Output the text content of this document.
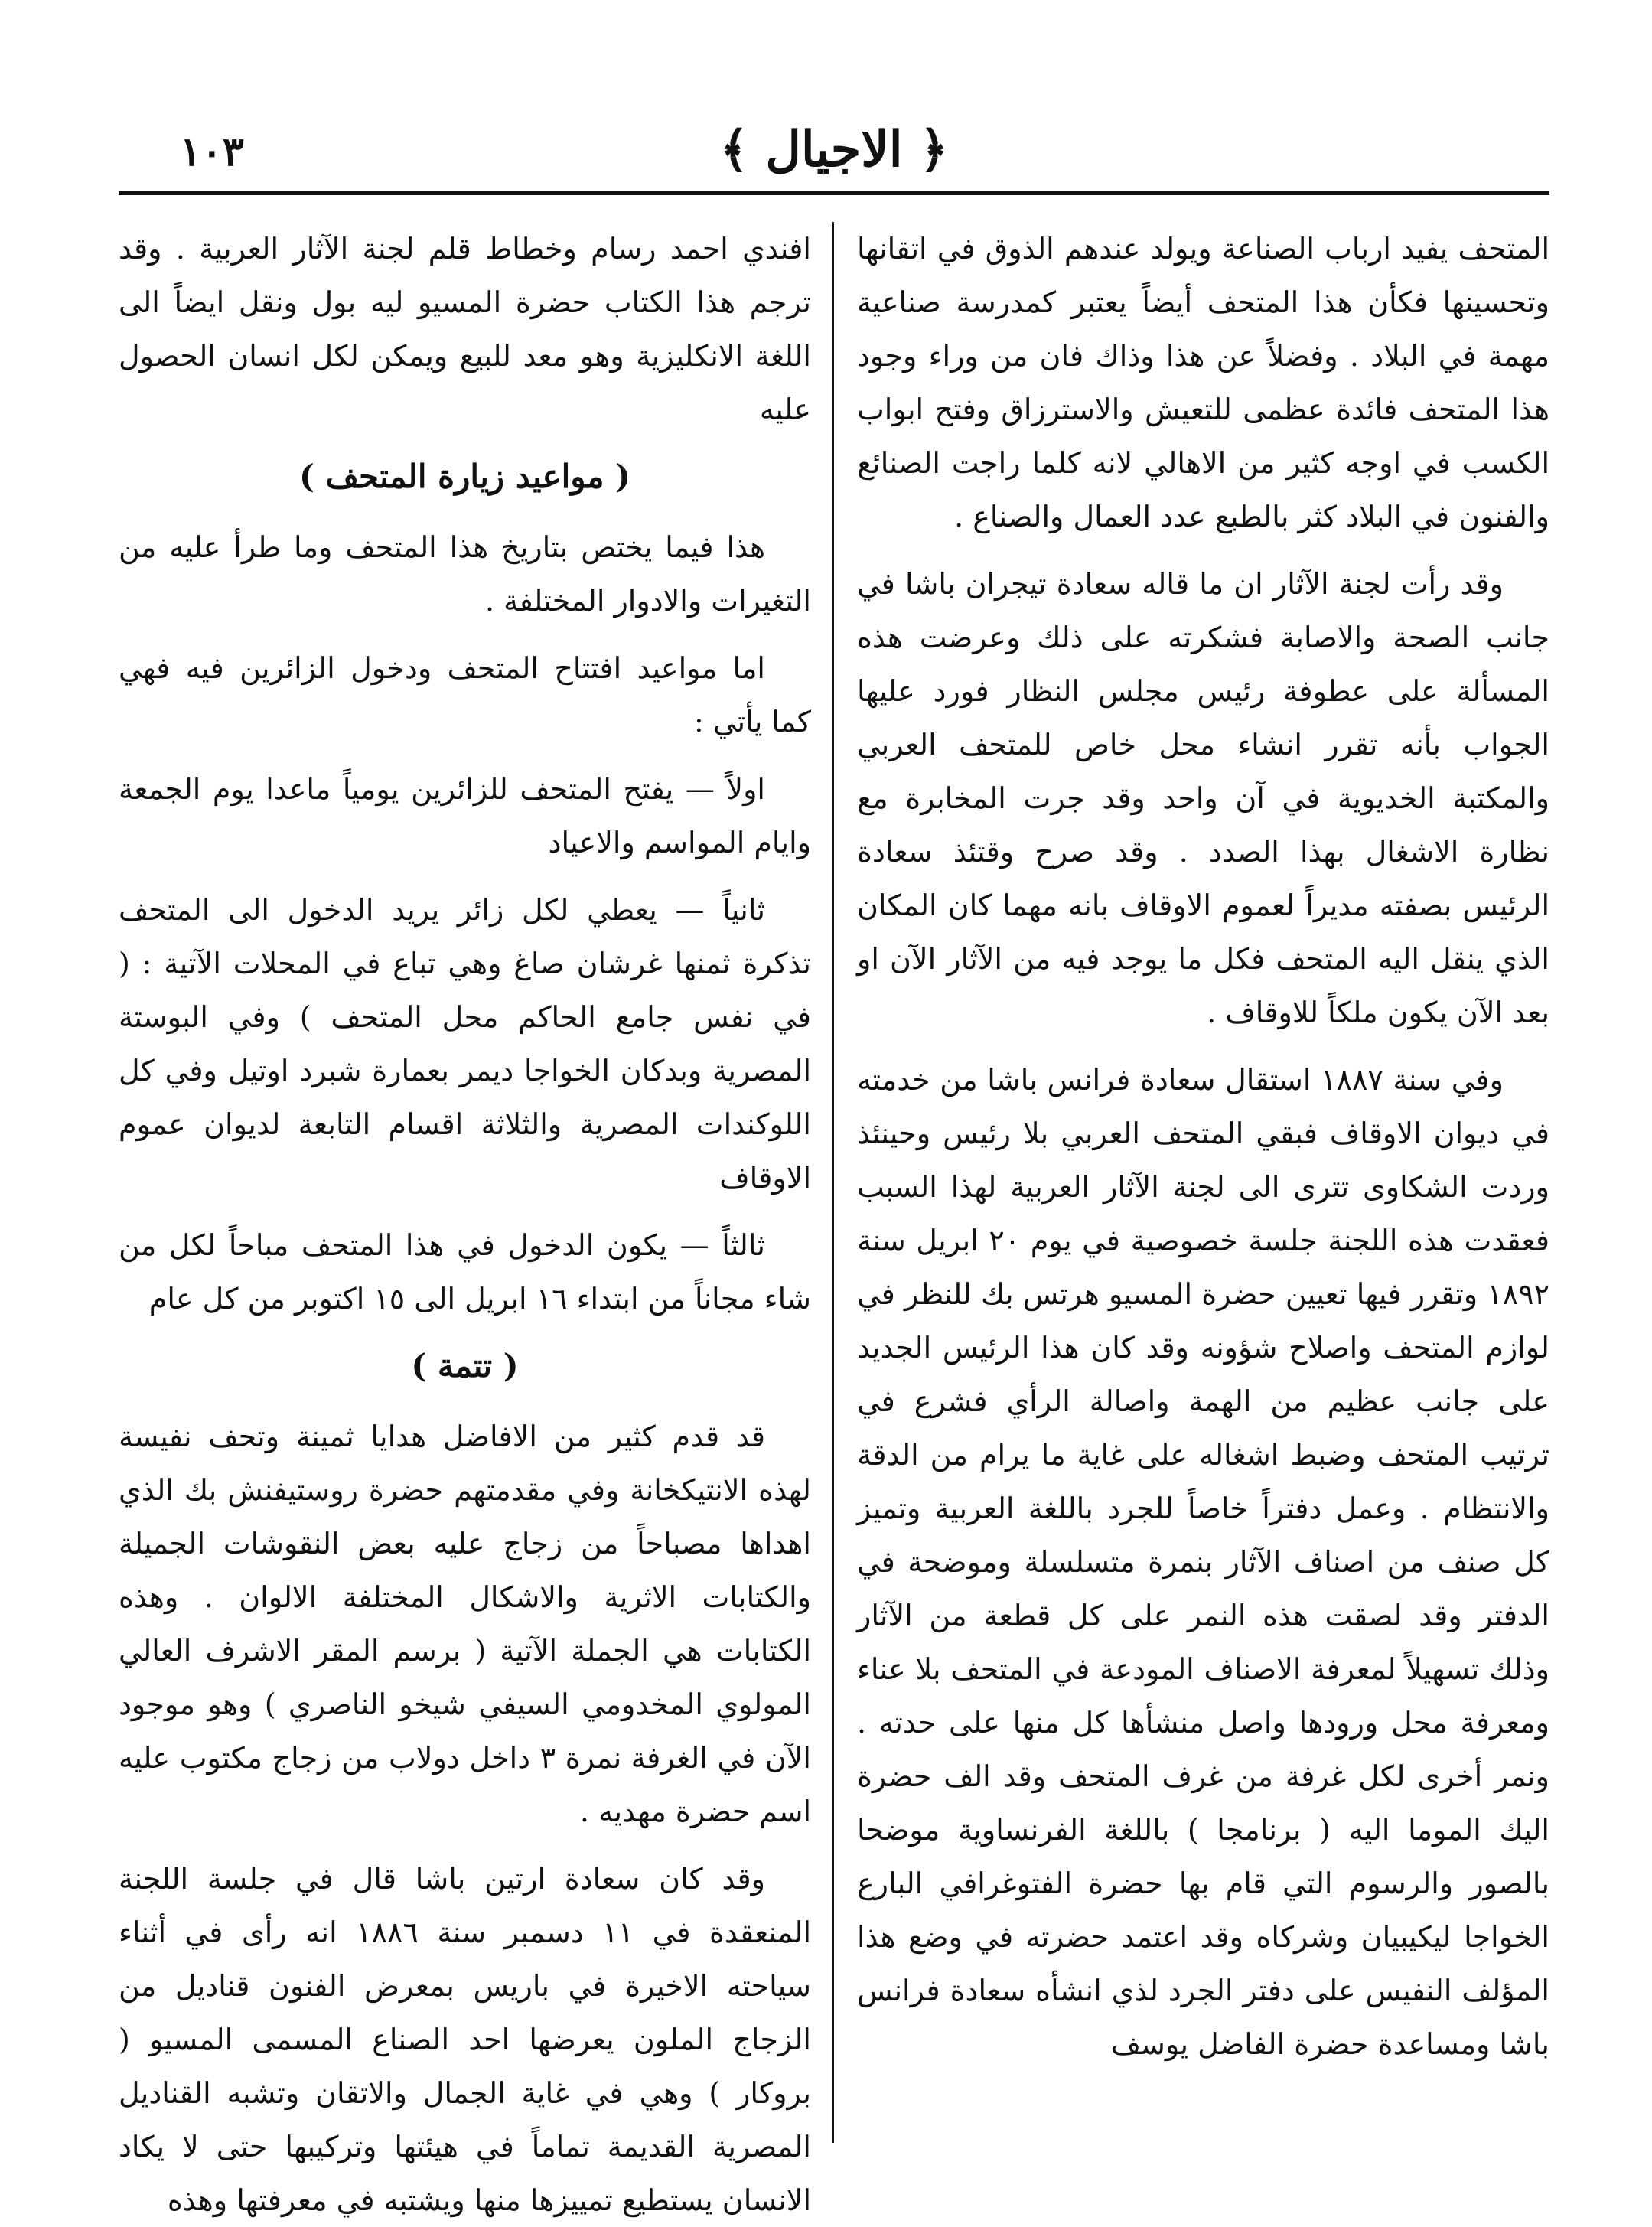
﴿ الاجيال ﴾
١٠٣

المتحف يفيد ارباب الصناعة ويولد عندهم الذوق في اتقانها وتحسينها فكأن هذا المتحف أيضاً يعتبر كمدرسة صناعية مهمة في البلاد . وفضلاً عن هذا وذاك فان من وراء وجود هذا المتحف فائدة عظمى للتعيش والاسترزاق وفتح ابواب الكسب في اوجه كثير من الاهالي لانه كلما راجت الصنائع والفنون في البلاد كثر بالطبع عدد العمال والصناع .

وقد رأت لجنة الآثار ان ما قاله سعادة تيجران باشا في جانب الصحة والاصابة فشكرته على ذلك وعرضت هذه المسألة على عطوفة رئيس مجلس النظار فورد عليها الجواب بأنه تقرر انشاء محل خاص للمتحف العربي والمكتبة الخديوية في آن واحد وقد جرت المخابرة مع نظارة الاشغال بهذا الصدد . وقد صرح وقتئذ سعادة الرئيس بصفته مديراً لعموم الاوقاف بانه مهما كان المكان الذي ينقل اليه المتحف فكل ما يوجد فيه من الآثار الآن او بعد الآن يكون ملكاً للاوقاف .

وفي سنة ١٨٨٧ استقال سعادة فرانس باشا من خدمته في ديوان الاوقاف فبقي المتحف العربي بلا رئيس وحينئذ وردت الشكاوى تترى الى لجنة الآثار العربية لهذا السبب فعقدت هذه اللجنة جلسة خصوصية في يوم ٢٠ ابريل سنة ١٨٩٢ وتقرر فيها تعيين حضرة المسيو هرتس بك للنظر في لوازم المتحف واصلاح شؤونه وقد كان هذا الرئيس الجديد على جانب عظيم من الهمة واصالة الرأي فشرع في ترتيب المتحف وضبط اشغاله على غاية ما يرام من الدقة والانتظام . وعمل دفتراً خاصاً للجرد باللغة العربية وتميز كل صنف من اصناف الآثار بنمرة متسلسلة وموضحة في الدفتر وقد لصقت هذه النمر على كل قطعة من الآثار وذلك تسهيلاً لمعرفة الاصناف المودعة في المتحف بلا عناء ومعرفة محل ورودها واصل منشأها كل منها على حدته . ونمر أخرى لكل غرفة من غرف المتحف وقد الف حضرة اليك الموما اليه ( برنامجا ) باللغة الفرنساوية موضحا بالصور والرسوم التي قام بها حضرة الفتوغرافي البارع الخواجا ليكيبيان وشركاه وقد اعتمد حضرته في وضع هذا المؤلف النفيس على دفتر الجرد لذي انشأه سعادة فرانس باشا ومساعدة حضرة الفاضل يوسف

افندي احمد رسام وخطاط قلم لجنة الآثار العربية . وقد ترجم هذا الكتاب حضرة المسيو ليه بول ونقل ايضاً الى اللغة الانكليزية وهو معد للبيع ويمكن لكل انسان الحصول عليه

( مواعيد زيارة المتحف )

هذا فيما يختص بتاريخ هذا المتحف وما طرأ عليه من التغيرات والادوار المختلفة .

اما مواعيد افتتاح المتحف ودخول الزائرين فيه فهي كما يأتي :

اولاً — يفتح المتحف للزائرين يومياً ماعدا يوم الجمعة وايام المواسم والاعياد

ثانياً — يعطي لكل زائر يريد الدخول الى المتحف تذكرة ثمنها غرشان صاغ وهي تباع في المحلات الآتية : ( في نفس جامع الحاكم محل المتحف ) وفي البوستة المصرية وبدكان الخواجا ديمر بعمارة شبرد اوتيل وفي كل اللوكندات المصرية والثلاثة اقسام التابعة لديوان عموم الاوقاف

ثالثاً — يكون الدخول في هذا المتحف مباحاً لكل من شاء مجاناً من ابتداء ١٦ ابريل الى ١٥ اكتوبر من كل عام

( تتمة )

قد قدم كثير من الافاضل هدايا ثمينة وتحف نفيسة لهذه الانتيكخانة وفي مقدمتهم حضرة روستيفنش بك الذي اهداها مصباحاً من زجاج عليه بعض النقوشات الجميلة والكتابات الاثرية والاشكال المختلفة الالوان . وهذه الكتابات هي الجملة الآتية ( برسم المقر الاشرف العالي المولوي المخدومي السيفي شيخو الناصري ) وهو موجود الآن في الغرفة نمرة ٣ داخل دولاب من زجاج مكتوب عليه اسم حضرة مهديه .

وقد كان سعادة ارتين باشا قال في جلسة اللجنة المنعقدة في ١١ دسمبر سنة ١٨٨٦ انه رأى في أثناء سياحته الاخيرة في باريس بمعرض الفنون قناديل من الزجاج الملون يعرضها احد الصناع المسمى المسيو ( بروكار ) وهي في غاية الجمال والاتقان وتشبه القناديل المصرية القديمة تماماً في هيئتها وتركيبها حتى لا يكاد الانسان يستطيع تمييزها منها ويشتبه في معرفتها وهذه
